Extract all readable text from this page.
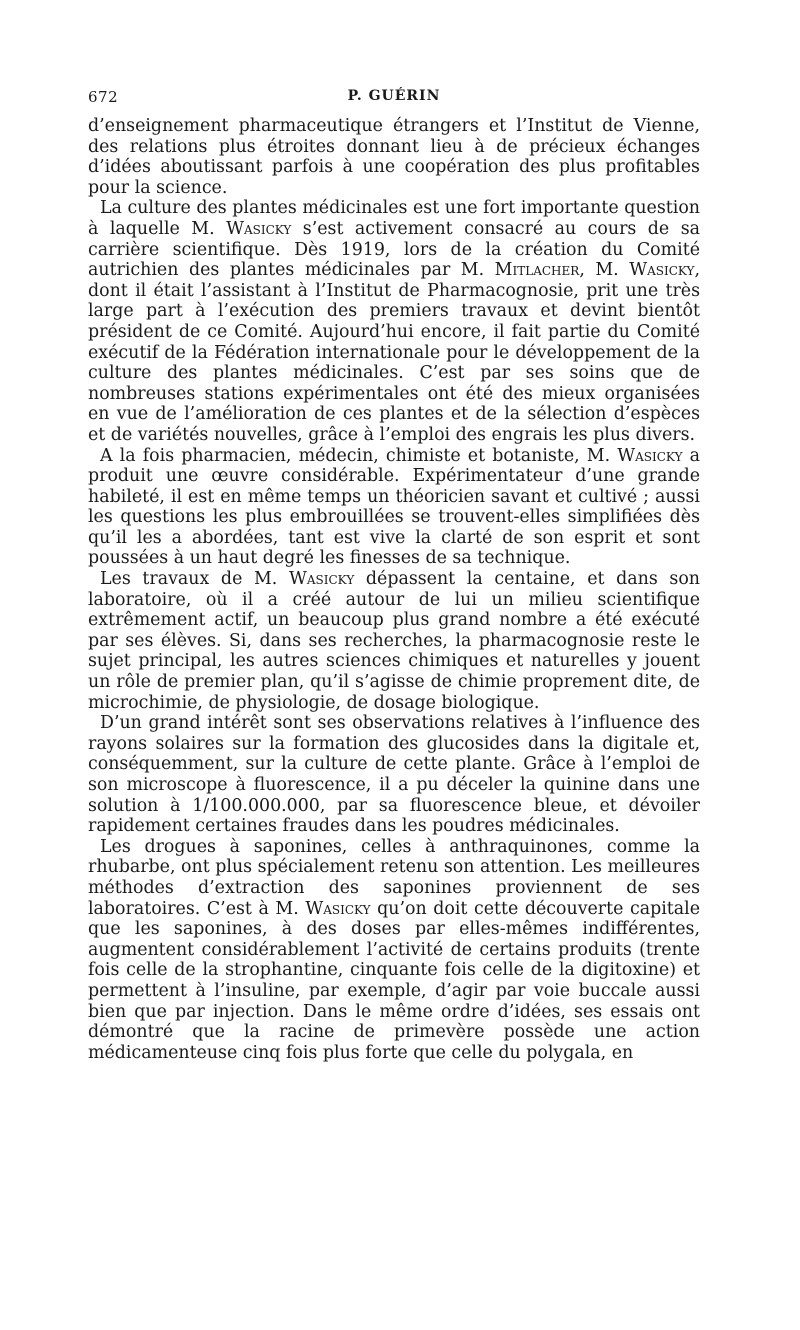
672	P. GUÉRIN

d’enseignement pharmaceutique étrangers et l’Institut de Vienne, des relations plus étroites donnant lieu à de précieux échanges d’idées aboutissant parfois à une coopération des plus profitables pour la science.

La culture des plantes médicinales est une fort importante question à laquelle M. Wasicky s’est activement consacré au cours de sa carrière scientifique. Dès 1919, lors de la création du Comité autrichien des plantes médicinales par M. Mitlacher, M. Wasicky, dont il était l’assistant à l’Institut de Pharmacognosie, prit une très large part à l’exécution des premiers travaux et devint bientôt président de ce Comité. Aujourd’hui encore, il fait partie du Comité exécutif de la Fédération internationale pour le développement de la culture des plantes médicinales. C’est par ses soins que de nombreuses stations expérimentales ont été des mieux organisées en vue de l’amélioration de ces plantes et de la sélection d’espèces et de variétés nouvelles, grâce à l’emploi des engrais les plus divers.

A la fois pharmacien, médecin, chimiste et botaniste, M. Wasicky a produit une œuvre considérable. Expérimentateur d’une grande habileté, il est en même temps un théoricien savant et cultivé ; aussi les questions les plus embrouillées se trouvent-elles simplifiées dès qu’il les a abordées, tant est vive la clarté de son esprit et sont poussées à un haut degré les finesses de sa technique.

Les travaux de M. Wasicky dépassent la centaine, et dans son laboratoire, où il a créé autour de lui un milieu scientifique extrêmement actif, un beaucoup plus grand nombre a été exécuté par ses élèves. Si, dans ses recherches, la pharmacognosie reste le sujet principal, les autres sciences chimiques et naturelles y jouent un rôle de premier plan, qu’il s’agisse de chimie proprement dite, de microchimie, de physiologie, de dosage biologique.

D’un grand intérêt sont ses observations relatives à l’influence des rayons solaires sur la formation des glucosides dans la digitale et, conséquemment, sur la culture de cette plante. Grâce à l’emploi de son microscope à fluorescence, il a pu déceler la quinine dans une solution à 1/100.000.000, par sa fluorescence bleue, et dévoiler rapidement certaines fraudes dans les poudres médicinales.

Les drogues à saponines, celles à anthraquinones, comme la rhubarbe, ont plus spécialement retenu son attention. Les meilleures méthodes d’extraction des saponines proviennent de ses laboratoires. C’est à M. Wasicky qu’on doit cette découverte capitale que les saponines, à des doses par elles-mêmes indifférentes, augmentent considérablement l’activité de certains produits (trente fois celle de la strophantine, cinquante fois celle de la digitoxine) et permettent à l’insuline, par exemple, d’agir par voie buccale aussi bien que par injection. Dans le même ordre d’idées, ses essais ont démontré que la racine de primevère possède une action médicamenteuse cinq fois plus forte que celle du polygala, en
